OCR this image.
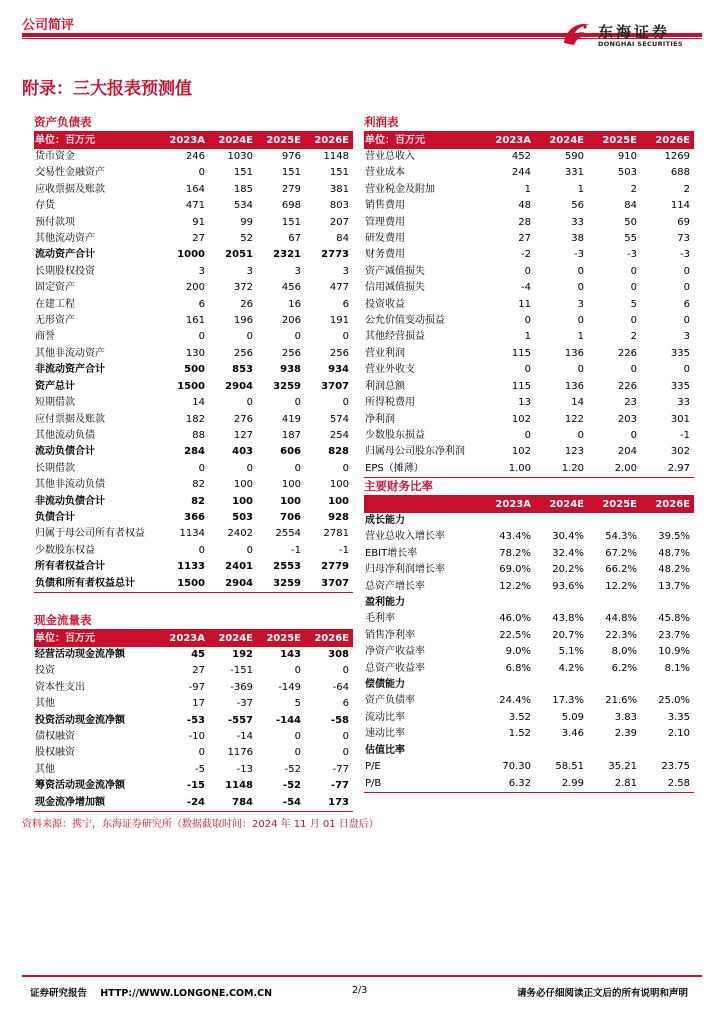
公司简评	东海证券
DONGHAI SECURITIES
附录：三大报表预测值
资产负债表
单位：百万元	2023A	2024E	2025E	2026E
货币资金	246	1030	976	1148
交易性金融资产	0	151	151	151
应收票据及账款	164	185	279	381
存货	471	534	698	803
预付款项	91	99	151	207
其他流动资产	27	52	67	84
流动资产合计	1000	2051	2321	2773
长期股权投资	3	3	3	3
固定资产	200	372	456	477
在建工程	6	26	16	6
无形资产	161	196	206	191
商誉	0	0	0	0
其他非流动资产	130	256	256	256
非流动资产合计	500	853	938	934
资产总计	1500	2904	3259	3707
短期借款	14	0	0	0
应付票据及账款	182	276	419	574
其他流动负债	88	127	187	254
流动负债合计	284	403	606	828
长期借款	0	0	0	0
其他非流动负债	82	100	100	100
非流动负债合计	82	100	100	100
负债合计	366	503	706	928
归属于母公司所有者权益	1134	2402	2554	2781
少数股东权益	0	0	-1	-1
所有者权益合计	1133	2401	2553	2779
负债和所有者权益总计	1500	2904	3259	3707
现金流量表
单位：百万元	2023A	2024E	2025E	2026E
经营活动现金流净额	45	192	143	308
投资	27	-151	0	0
资本性支出	-97	-369	-149	-64
其他	17	-37	5	6
投资活动现金流净额	-53	-557	-144	-58
债权融资	-10	-14	0	0
股权融资	0	1176	0	0
其他	-5	-13	-52	-77
筹资活动现金流净额	-15	1148	-52	-77
现金流净增加额	-24	784	-54	173
利润表
单位：百万元	2023A	2024E	2025E	2026E
营业总收入	452	590	910	1269
营业成本	244	331	503	688
营业税金及附加	1	1	2	2
销售费用	48	56	84	114
管理费用	28	33	50	69
研发费用	27	38	55	73
财务费用	-2	-3	-3	-3
资产减值损失	0	0	0	0
信用减值损失	-4	0	0	0
投资收益	11	3	5	6
公允价值变动损益	0	0	0	0
其他经营损益	1	1	2	3
营业利润	115	136	226	335
营业外收支	0	0	0	0
利润总额	115	136	226	335
所得税费用	13	14	23	33
净利润	102	122	203	301
少数股东损益	0	0	0	-1
归属母公司股东净利润	102	123	204	302
EPS（摊薄）	1.00	1.20	2.00	2.97
主要财务比率
	2023A	2024E	2025E	2026E
成长能力				
营业总收入增长率	43.4%	30.4%	54.3%	39.5%
EBIT增长率	78.2%	32.4%	67.2%	48.7%
归母净利润增长率	69.0%	20.2%	66.2%	48.2%
总资产增长率	12.2%	93.6%	12.2%	13.7%
盈利能力				
毛利率	46.0%	43.8%	44.8%	45.8%
销售净利率	22.5%	20.7%	22.3%	23.7%
净资产收益率	9.0%	5.1%	8.0%	10.9%
总资产收益率	6.8%	4.2%	6.2%	8.1%
偿债能力				
资产负债率	24.4%	17.3%	21.6%	25.0%
流动比率	3.52	5.09	3.83	3.35
速动比率	1.52	3.46	2.39	2.10
估值比率				
P/E	70.30	58.51	35.21	23.75
P/B	6.32	2.99	2.81	2.58
资料来源：携宁，东海证券研究所（数据截取时间：2024 年 11 月 01 日盘后）
证券研究报告    HTTP://WWW.LONGONE.COM.CN	2/3	请务必仔细阅读正文后的所有说明和声明
